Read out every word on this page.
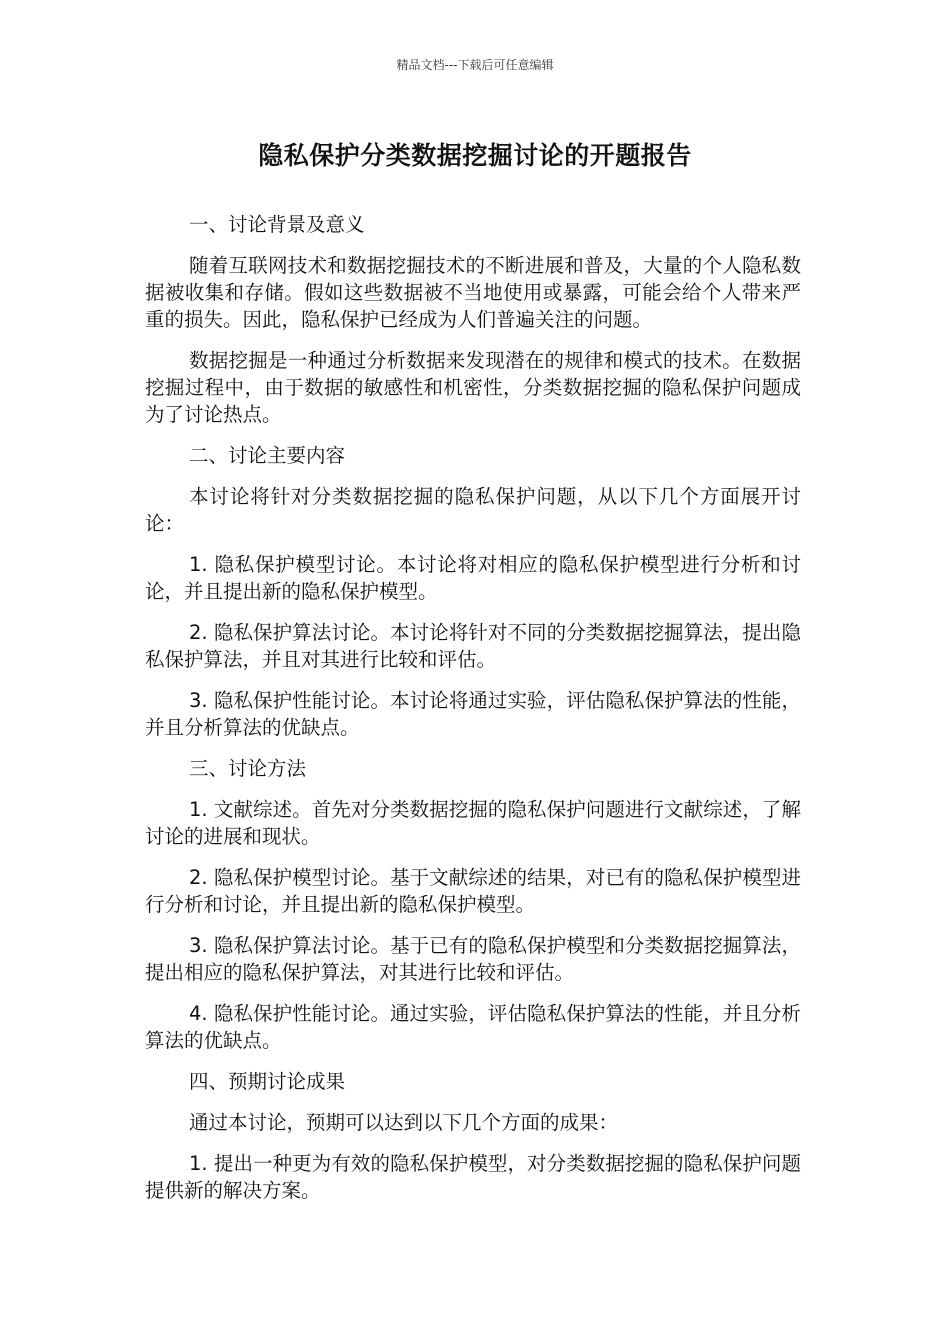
精品文档---下载后可任意编辑
隐私保护分类数据挖掘讨论的开题报告

一、讨论背景及意义

随着互联网技术和数据挖掘技术的不断进展和普及，大量的个人隐私数据被收集和存储。假如这些数据被不当地使用或暴露，可能会给个人带来严重的损失。因此，隐私保护已经成为人们普遍关注的问题。

数据挖掘是一种通过分析数据来发现潜在的规律和模式的技术。在数据挖掘过程中，由于数据的敏感性和机密性，分类数据挖掘的隐私保护问题成为了讨论热点。

二、讨论主要内容

本讨论将针对分类数据挖掘的隐私保护问题，从以下几个方面展开讨论：

1. 隐私保护模型讨论。本讨论将对相应的隐私保护模型进行分析和讨论，并且提出新的隐私保护模型。

2. 隐私保护算法讨论。本讨论将针对不同的分类数据挖掘算法，提出隐私保护算法，并且对其进行比较和评估。

3. 隐私保护性能讨论。本讨论将通过实验，评估隐私保护算法的性能，并且分析算法的优缺点。

三、讨论方法

1. 文献综述。首先对分类数据挖掘的隐私保护问题进行文献综述，了解讨论的进展和现状。

2. 隐私保护模型讨论。基于文献综述的结果，对已有的隐私保护模型进行分析和讨论，并且提出新的隐私保护模型。

3. 隐私保护算法讨论。基于已有的隐私保护模型和分类数据挖掘算法，提出相应的隐私保护算法，对其进行比较和评估。

4. 隐私保护性能讨论。通过实验，评估隐私保护算法的性能，并且分析算法的优缺点。

四、预期讨论成果

通过本讨论，预期可以达到以下几个方面的成果：

1. 提出一种更为有效的隐私保护模型，对分类数据挖掘的隐私保护问题提供新的解决方案。
